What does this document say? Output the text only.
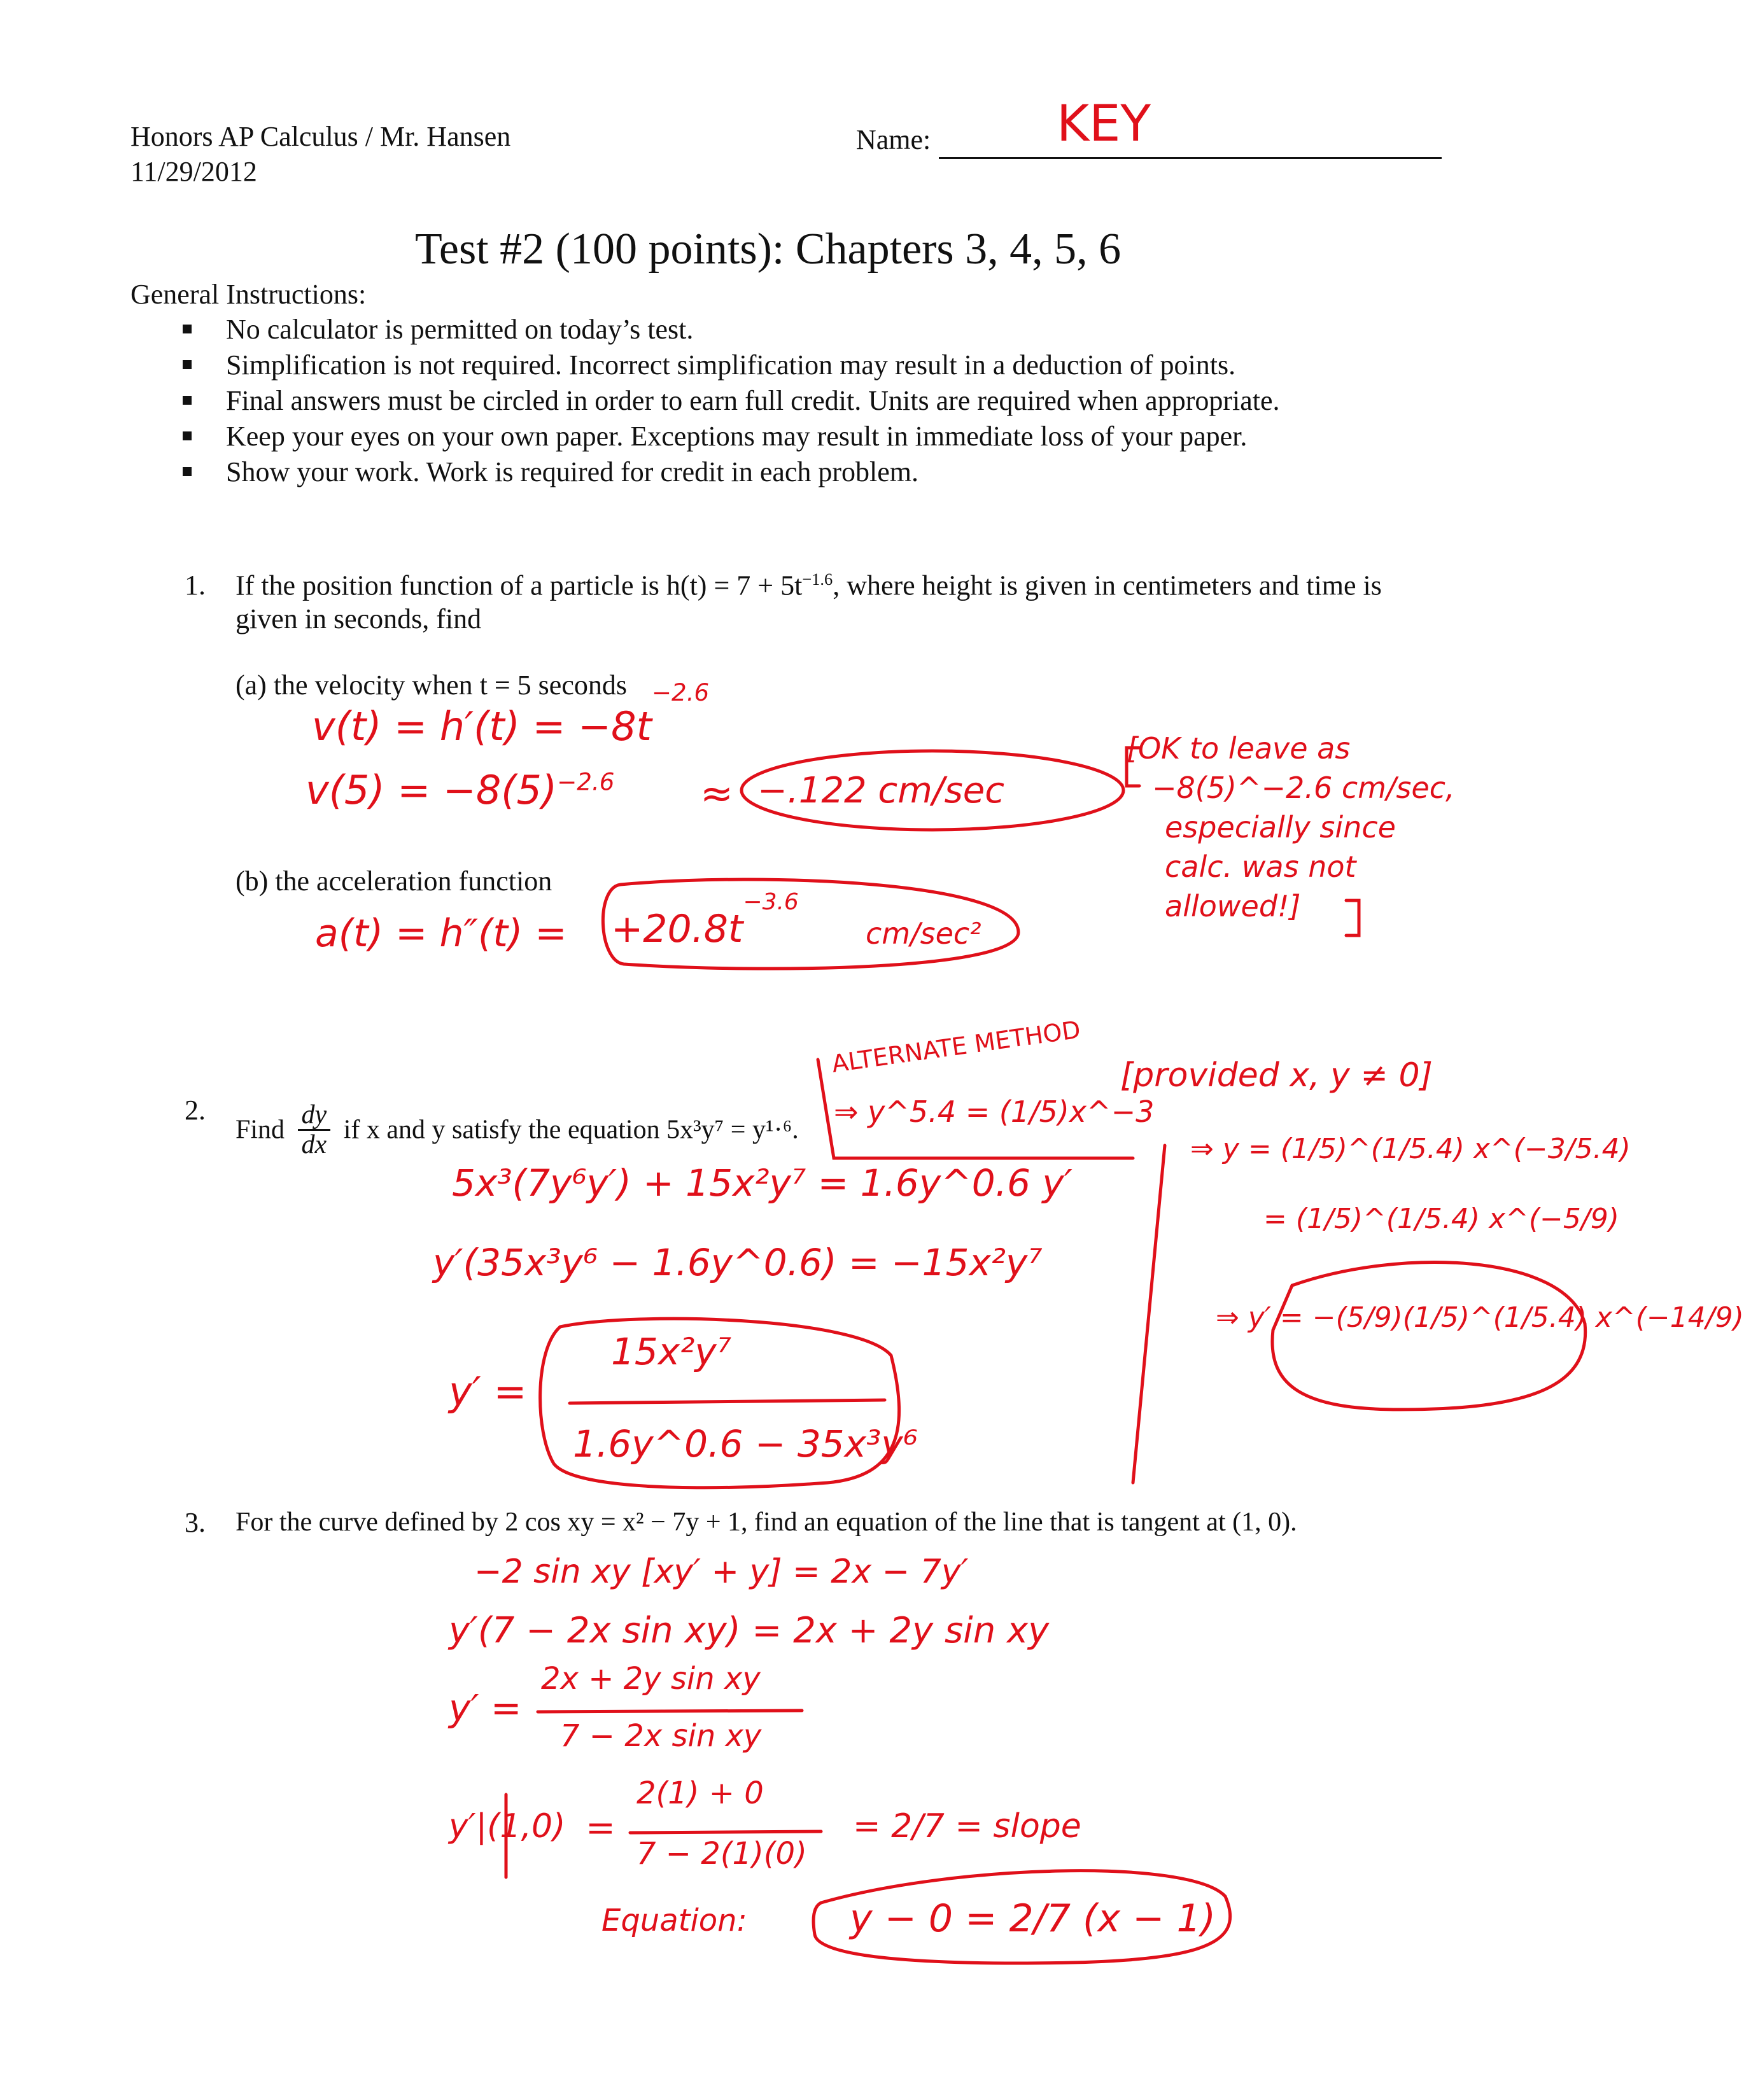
Honors AP Calculus / Mr. Hansen
11/29/2012
Name:	KEY
Test #2 (100 points): Chapters 3, 4, 5, 6
General Instructions:
No calculator is permitted on today’s test.
Simplification is not required. Incorrect simplification may result in a deduction of points.
Final answers must be circled in order to earn full credit. Units are required when appropriate.
Keep your eyes on your own paper. Exceptions may result in immediate loss of your paper.
Show your work. Work is required for credit in each problem.
1. If the position function of a particle is $h(t) = 7 + 5t^{-1.6}$, where height is given in centimeters and time is
given in seconds, find
(a) the velocity when t = 5 seconds
$v(t) = h'(t) = -8t^{-2.6}$
$v(5) = -8(5)^{-2.6} \approx -.122$ cm/sec
[OK to leave as
−8(5)^−2.6 cm/sec,
especially since
calc. was not
allowed!]
(b) the acceleration function
$a(t) = h''(t) = +20.8t^{-3.6}$
cm/sec²
2.
Find $\frac{dy}{dx}$ if x and y satisfy the equation 5x³y⁷ = y¹·⁶.
5x³(7y⁶y′) + 15x²y⁷ = 1.6y^0.6 y′
y′(35x³y⁶ − 1.6y^0.6) = −15x²y⁷
y′ =
15x²y⁷
1.6y^0.6 − 35x³y⁶
ALTERNATE METHOD
⇒ y^5.4 = (1/5)x^−3
[provided x, y ≠ 0]
⇒ y = (1/5)^(1/5.4) x^(−3/5.4)
= (1/5)^(1/5.4) x^(−5/9)
⇒ y′ = −(5/9)(1/5)^(1/5.4) x^(−14/9)
3. For the curve defined by 2 cos xy = x² − 7y + 1, find an equation of the line that is tangent at (1, 0).
−2 sin xy [xy′ + y] = 2x − 7y′
y′(7 − 2x sin xy) = 2x + 2y sin xy
y′ =
2x + 2y sin xy
7 − 2x sin xy
y′|(1,0) =
2(1) + 0
7 − 2(1)(0)
= 2/7 = slope
Equation:	y − 0 = 2/7 (x − 1)
